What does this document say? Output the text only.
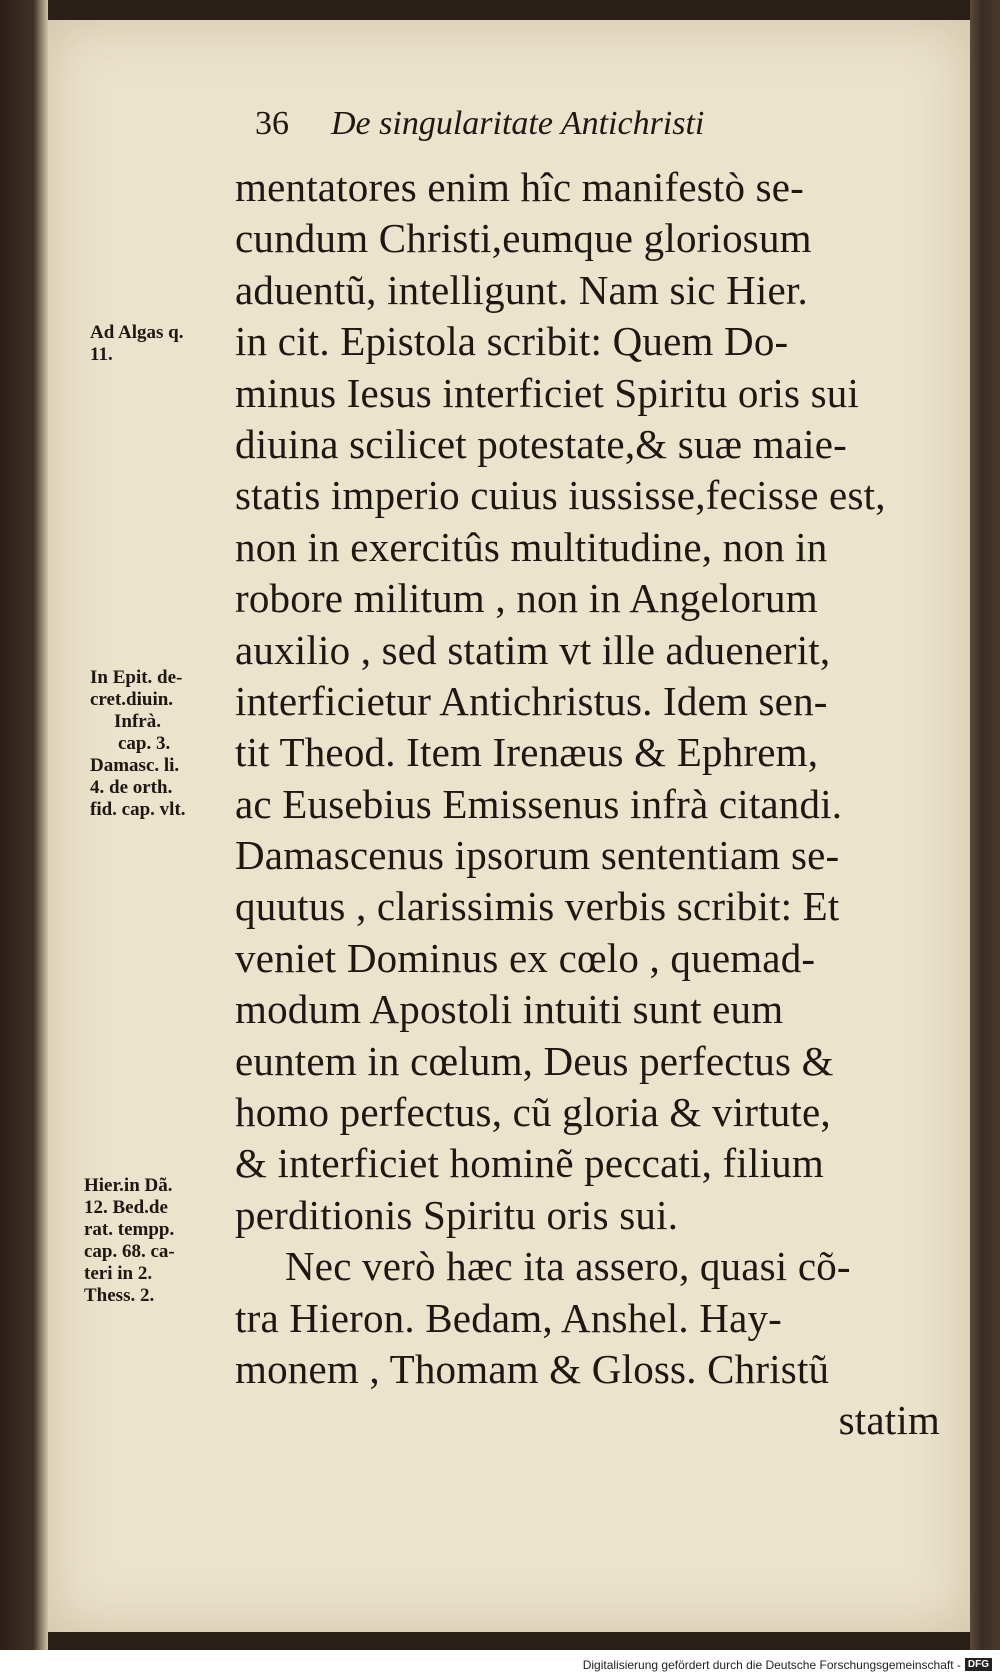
36 De singularitate Antichristi
mentatores enim hîc manifestò se-
cundum Christi,eumque gloriosum
aduentũ, intelligunt. Nam sic Hier.
in cit. Epistola scribit: Quem Do-
minus Iesus interficiet Spiritu oris sui
diuina scilicet potestate,& suæ maie-
statis imperio cuius iussisse,fecisse est,
non in exercitûs multitudine, non in
robore militum , non in Angelorum
auxilio , sed statim vt ille aduenerit,
interficietur Antichristus. Idem sen-
tit Theod. Item Irenæus & Ephrem,
ac Eusebius Emissenus infrà citandi.
Damascenus ipsorum sententiam se-
quutus , clarissimis verbis scribit: Et
veniet Dominus ex cœlo , quemad-
modum Apostoli intuiti sunt eum
euntem in cœlum, Deus perfectus &
homo perfectus, cũ gloria & virtute,
& interficiet hominẽ peccati, filium
perditionis Spiritu oris sui.
Nec verò hæc ita assero, quasi cõ-
tra Hieron. Bedam, Anshel. Hay-
monem , Thomam & Gloss. Christũ
statim
Ad Algas q.
11.
In Epit. de-
cret.diuin.
Infrà.
cap. 3.
Damasc. li.
4. de orth.
fid. cap. vlt.
Hier.in Dã.
12. Bed.de
rat. tempp.
cap. 68. ca-
teri in 2.
Thess. 2.
Digitalisierung gefördert durch die Deutsche Forschungsgemeinschaft - DFG
